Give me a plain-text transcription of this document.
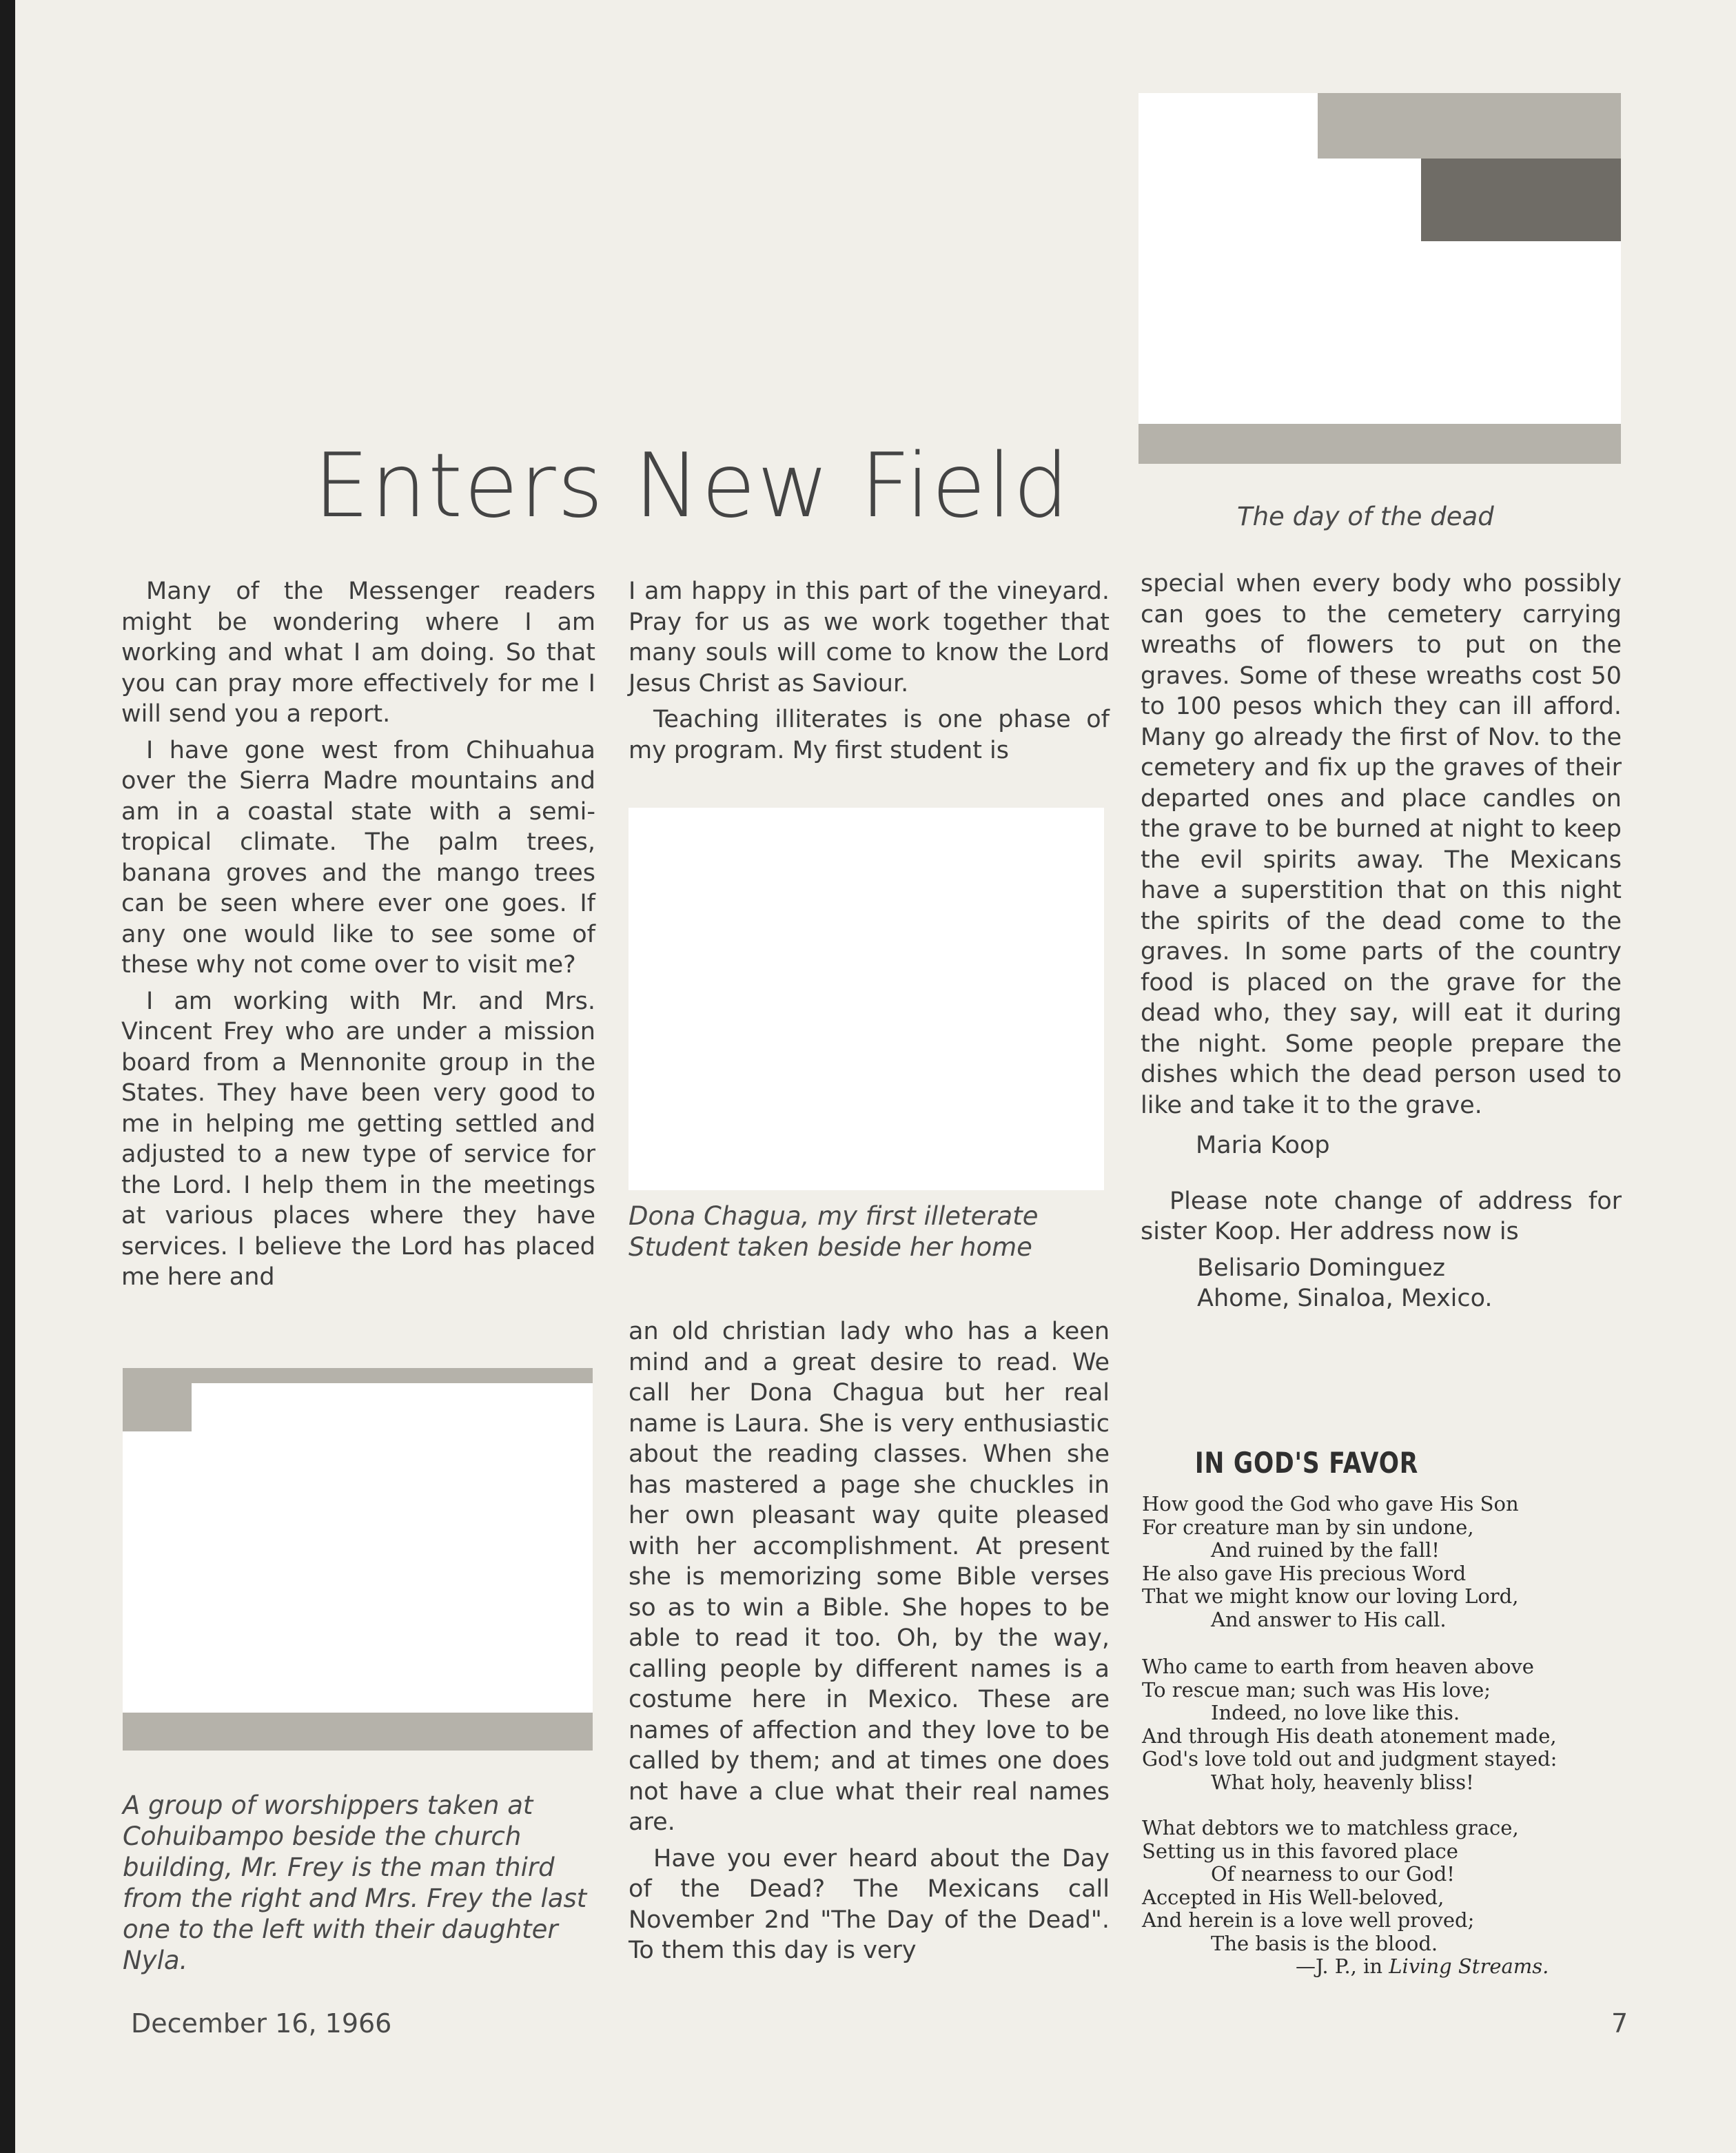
Enters New Field	The day of the dead

Many of the Messenger readers might be wondering where I am working and what I am doing. So that you can pray more effectively for me I will send you a report.

I have gone west from Chihuahua over the Sierra Madre mountains and am in a coastal state with a semi-tropical climate. The palm trees, banana groves and the mango trees can be seen where ever one goes. If any one would like to see some of these why not come over to visit me?

I am working with Mr. and Mrs. Vincent Frey who are under a mission board from a Mennonite group in the States. They have been very good to me in helping me getting settled and adjusted to a new type of service for the Lord. I help them in the meetings at various places where they have services. I believe the Lord has placed me here and

A group of worshippers taken at Cohuibampo beside the church building, Mr. Frey is the man third from the right and Mrs. Frey the last one to the left with their daughter Nyla.

I am happy in this part of the vineyard. Pray for us as we work together that many souls will come to know the Lord Jesus Christ as Saviour.

Teaching illiterates is one phase of my program. My first student is

Dona Chagua, my first illeterate Student taken beside her home

an old christian lady who has a keen mind and a great desire to read. We call her Dona Chagua but her real name is Laura. She is very enthusiastic about the reading classes. When she has mastered a page she chuckles in her own pleasant way quite pleased with her accomplishment. At present she is memorizing some Bible verses so as to win a Bible. She hopes to be able to read it too. Oh, by the way, calling people by different names is a costume here in Mexico. These are names of affection and they love to be called by them; and at times one does not have a clue what their real names are.

Have you ever heard about the Day of the Dead? The Mexicans call November 2nd "The Day of the Dead". To them this day is very

special when every body who possibly can goes to the cemetery carrying wreaths of flowers to put on the graves. Some of these wreaths cost 50 to 100 pesos which they can ill afford. Many go already the first of Nov. to the cemetery and fix up the graves of their departed ones and place candles on the grave to be burned at night to keep the evil spirits away. The Mexicans have a superstition that on this night the spirits of the dead come to the graves. In some parts of the country food is placed on the grave for the dead who, they say, will eat it during the night. Some people prepare the dishes which the dead person used to like and take it to the grave.

Maria Koop

Please note change of address for sister Koop. Her address now is

Belisario Dominguez

Ahome, Sinaloa, Mexico.

IN GOD'S FAVOR
How good the God who gave His Son
For creature man by sin undone,
And ruined by the fall!
He also gave His precious Word
That we might know our loving Lord,
And answer to His call.
Who came to earth from heaven above
To rescue man; such was His love;
Indeed, no love like this.
And through His death atonement made,
God's love told out and judgment stayed:
What holy, heavenly bliss!
What debtors we to matchless grace,
Setting us in this favored place
Of nearness to our God!
Accepted in His Well-beloved,
And herein is a love well proved;
The basis is the blood.
—J. P., in Living Streams.
December 16, 1966	7
